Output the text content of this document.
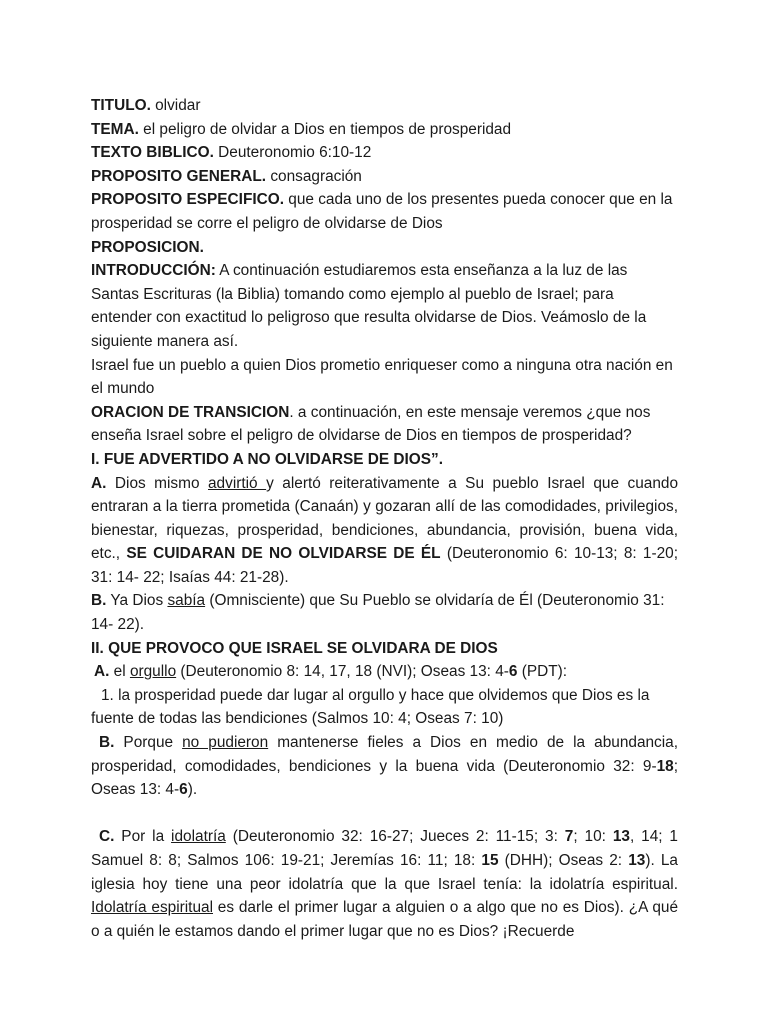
TITULO. olvidar
TEMA. el peligro de olvidar a Dios en tiempos de prosperidad
TEXTO BIBLICO. Deuteronomio 6:10-12
PROPOSITO GENERAL. consagración

PROPOSITO ESPECIFICO. que cada uno de los presentes pueda conocer que en la prosperidad se corre el peligro de olvidarse de Dios

PROPOSICION.

INTRODUCCIÓN: A continuación estudiaremos esta enseñanza a la luz de las Santas Escrituras (la Biblia) tomando como ejemplo al pueblo de Israel; para entender con exactitud lo peligroso que resulta olvidarse de Dios. Veámoslo de la siguiente manera así.

Israel fue un pueblo a quien Dios prometio enriqueser como a ninguna otra nación en el mundo

ORACION DE TRANSICION. a continuación, en este mensaje veremos ¿que nos enseña Israel sobre el peligro de olvidarse de Dios en tiempos de prosperidad?

I. FUE ADVERTIDO A NO OLVIDARSE DE DIOS”.

A. Dios mismo advirtió y alertó reiterativamente a Su pueblo Israel que cuando entraran a la tierra prometida (Canaán) y gozaran allí de las comodidades, privilegios, bienestar, riquezas, prosperidad, bendiciones, abundancia, provisión, buena vida, etc., SE CUIDARAN DE NO OLVIDARSE DE ÉL (Deuteronomio 6: 10-13; 8: 1-20; 31: 14- 22; Isaías 44: 21-28).

B. Ya Dios sabía (Omnisciente) que Su Pueblo se olvidaría de Él (Deuteronomio 31: 14- 22).

II. QUE PROVOCO QUE ISRAEL SE OLVIDARA DE DIOS

A. el orgullo (Deuteronomio 8: 14, 17, 18 (NVI); Oseas 13: 4-6 (PDT):

1. la prosperidad puede dar lugar al orgullo y hace que olvidemos que Dios es la fuente de todas las bendiciones (Salmos 10: 4; Oseas 7: 10)

B. Porque no pudieron mantenerse fieles a Dios en medio de la abundancia, prosperidad, comodidades, bendiciones y la buena vida (Deuteronomio 32: 9-18; Oseas 13: 4-6).

C. Por la idolatría (Deuteronomio 32: 16-27; Jueces 2: 11-15; 3: 7; 10: 13, 14; 1 Samuel 8: 8; Salmos 106: 19-21; Jeremías 16: 11; 18: 15 (DHH); Oseas 2: 13). La iglesia hoy tiene una peor idolatría que la que Israel tenía: la idolatría espiritual. Idolatría espiritual es darle el primer lugar a alguien o a algo que no es Dios). ¿A qué o a quién le estamos dando el primer lugar que no es Dios? ¡Recuerde
